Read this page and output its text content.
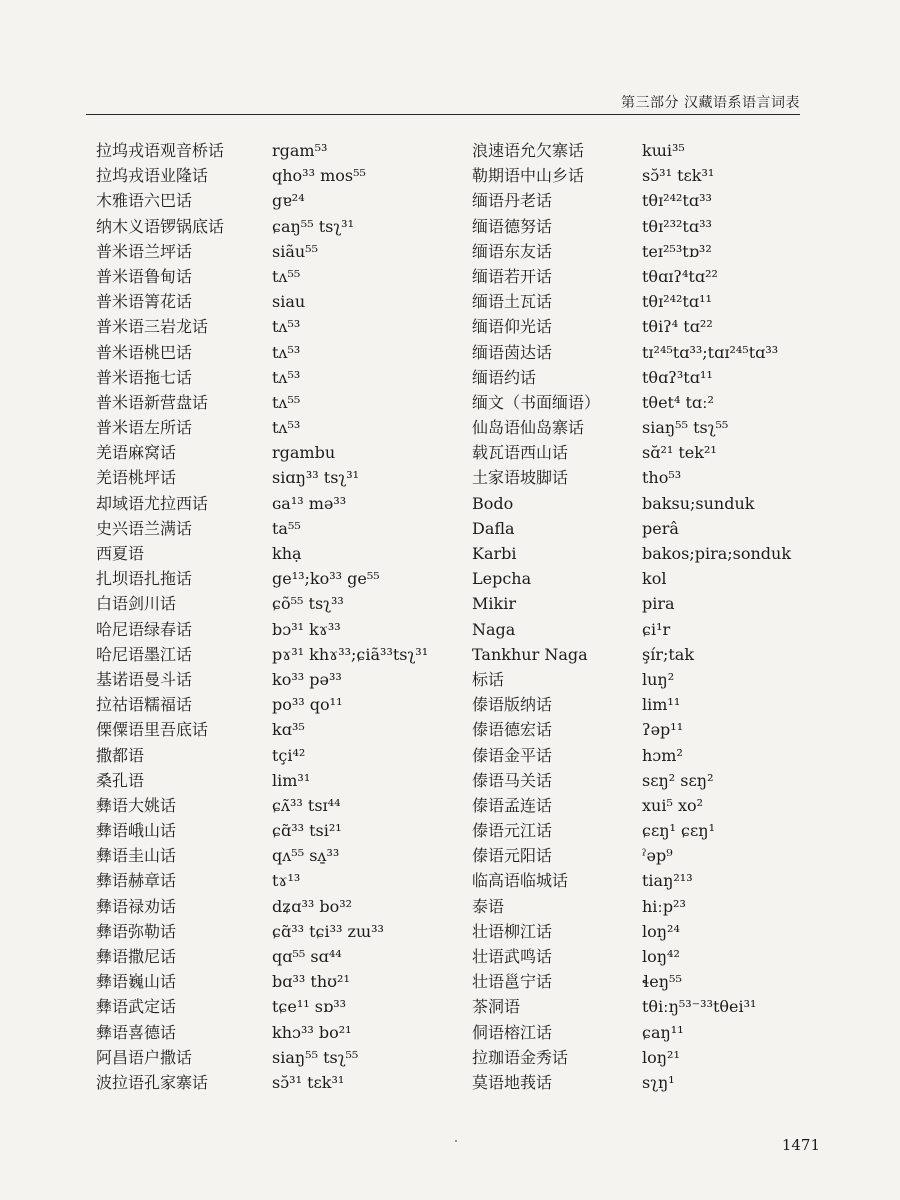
第三部分 汉藏语系语言词表
拉坞戎语观音桥话	rgam⁵³
拉坞戎语业隆话	qho³³ mos⁵⁵
木雅语六巴话	gɐ²⁴
纳木义语锣锅底话	ɕaŋ⁵⁵ tsʅ³¹
普米语兰坪话	siãu⁵⁵
普米语鲁甸话	tʌ⁵⁵
普米语箐花话	siau
普米语三岩龙话	tʌ⁵³
普米语桃巴话	tʌ⁵³
普米语拖七话	tʌ⁵³
普米语新营盘话	tʌ⁵⁵
普米语左所话	tʌ⁵³
羌语麻窝话	rgambu
羌语桃坪话	siɑŋ³³ tsʅ³¹
却域语尤拉西话	ɢa¹³ mə³³
史兴语兰满话	ta⁵⁵
西夏语	khạ
扎坝语扎拖话	ge¹³;ko³³ ge⁵⁵
白语剑川话	ɕõ⁵⁵ tsʅ³³
哈尼语绿春话	bɔ³¹ kɤ³³
哈尼语墨江话	pɤ³¹ khɤ³³;ɕiã³³tsʅ³¹
基诺语曼斗话	ko³³ pə³³
拉祜语糯福话	po³³ qo¹¹
傈僳语里吾底话	kɑ³⁵
撒都语	tçi⁴²
桑孔语	lim³¹
彝语大姚话	ɕʌ̃³³ tsɪ⁴⁴
彝语峨山话	ɕɑ̃³³ tsi²¹
彝语圭山话	qʌ⁵⁵ sʌ̱³³
彝语赫章话	tɤ¹³
彝语禄劝话	dʑɑ³³ bo³²
彝语弥勒话	ɕɑ̃³³ tɕi³³ zɯ³³
彝语撒尼话	qɑ⁵⁵ sɑ⁴⁴
彝语巍山话	bɑ³³ thʊ²¹
彝语武定话	tɕe¹¹ sɒ³³
彝语喜德话	khɔ³³ bo²¹
阿昌语户撒话	siaŋ⁵⁵ tsʅ⁵⁵
波拉语孔家寨话	sɔ̆³¹ tɛk³¹
浪速语允欠寨话	kɯi³⁵
勒期语中山乡话	sɔ̆³¹ tɛk³¹
缅语丹老话	tθɪ²⁴²tɑ³³
缅语德努话	tθɪ²³²tɑ³³
缅语东友话	teɪ²⁵³tɒ³²
缅语若开话	tθɑɪʔ⁴tɑ²²
缅语土瓦话	tθɪ²⁴²tɑ¹¹
缅语仰光话	tθiʔ⁴ tɑ²²
缅语茵达话	tɪ²⁴⁵tɑ³³;tɑɪ²⁴⁵tɑ³³
缅语约话	tθɑʔ³tɑ¹¹
缅文（书面缅语）	tθet⁴ tɑː²
仙岛语仙岛寨话	siaŋ⁵⁵ tsʅ⁵⁵
载瓦语西山话	sɑ̆²¹ tek²¹
土家语坡脚话	tho⁵³
Bodo	baksu;sunduk
Dafla	perâ
Karbi	bakos;pira;sonduk
Lepcha	kol
Mikir	pira
Naga	ɕi¹r
Tankhur Naga	şír;tak
标话	luŋ²
傣语版纳话	lim¹¹
傣语德宏话	ʔəp¹¹
傣语金平话	hɔm²
傣语马关话	sɛŋ² sɛŋ²
傣语孟连话	xui⁵ xo²
傣语元江话	ɕɛŋ¹ ɕɛŋ¹
傣语元阳话	ˀəp⁹
临高语临城话	tiaŋ²¹³
泰语	hiːp²³
壮语柳江话	loŋ²⁴
壮语武鸣话	loŋ⁴²
壮语邕宁话	ɬeŋ⁵⁵
茶洞语	tθiːŋ⁵³⁻³³tθei³¹
侗语榕江话	ɕaŋ¹¹
拉珈语金秀话	loŋ²¹
莫语地莪话	sʅŋ¹
1471
